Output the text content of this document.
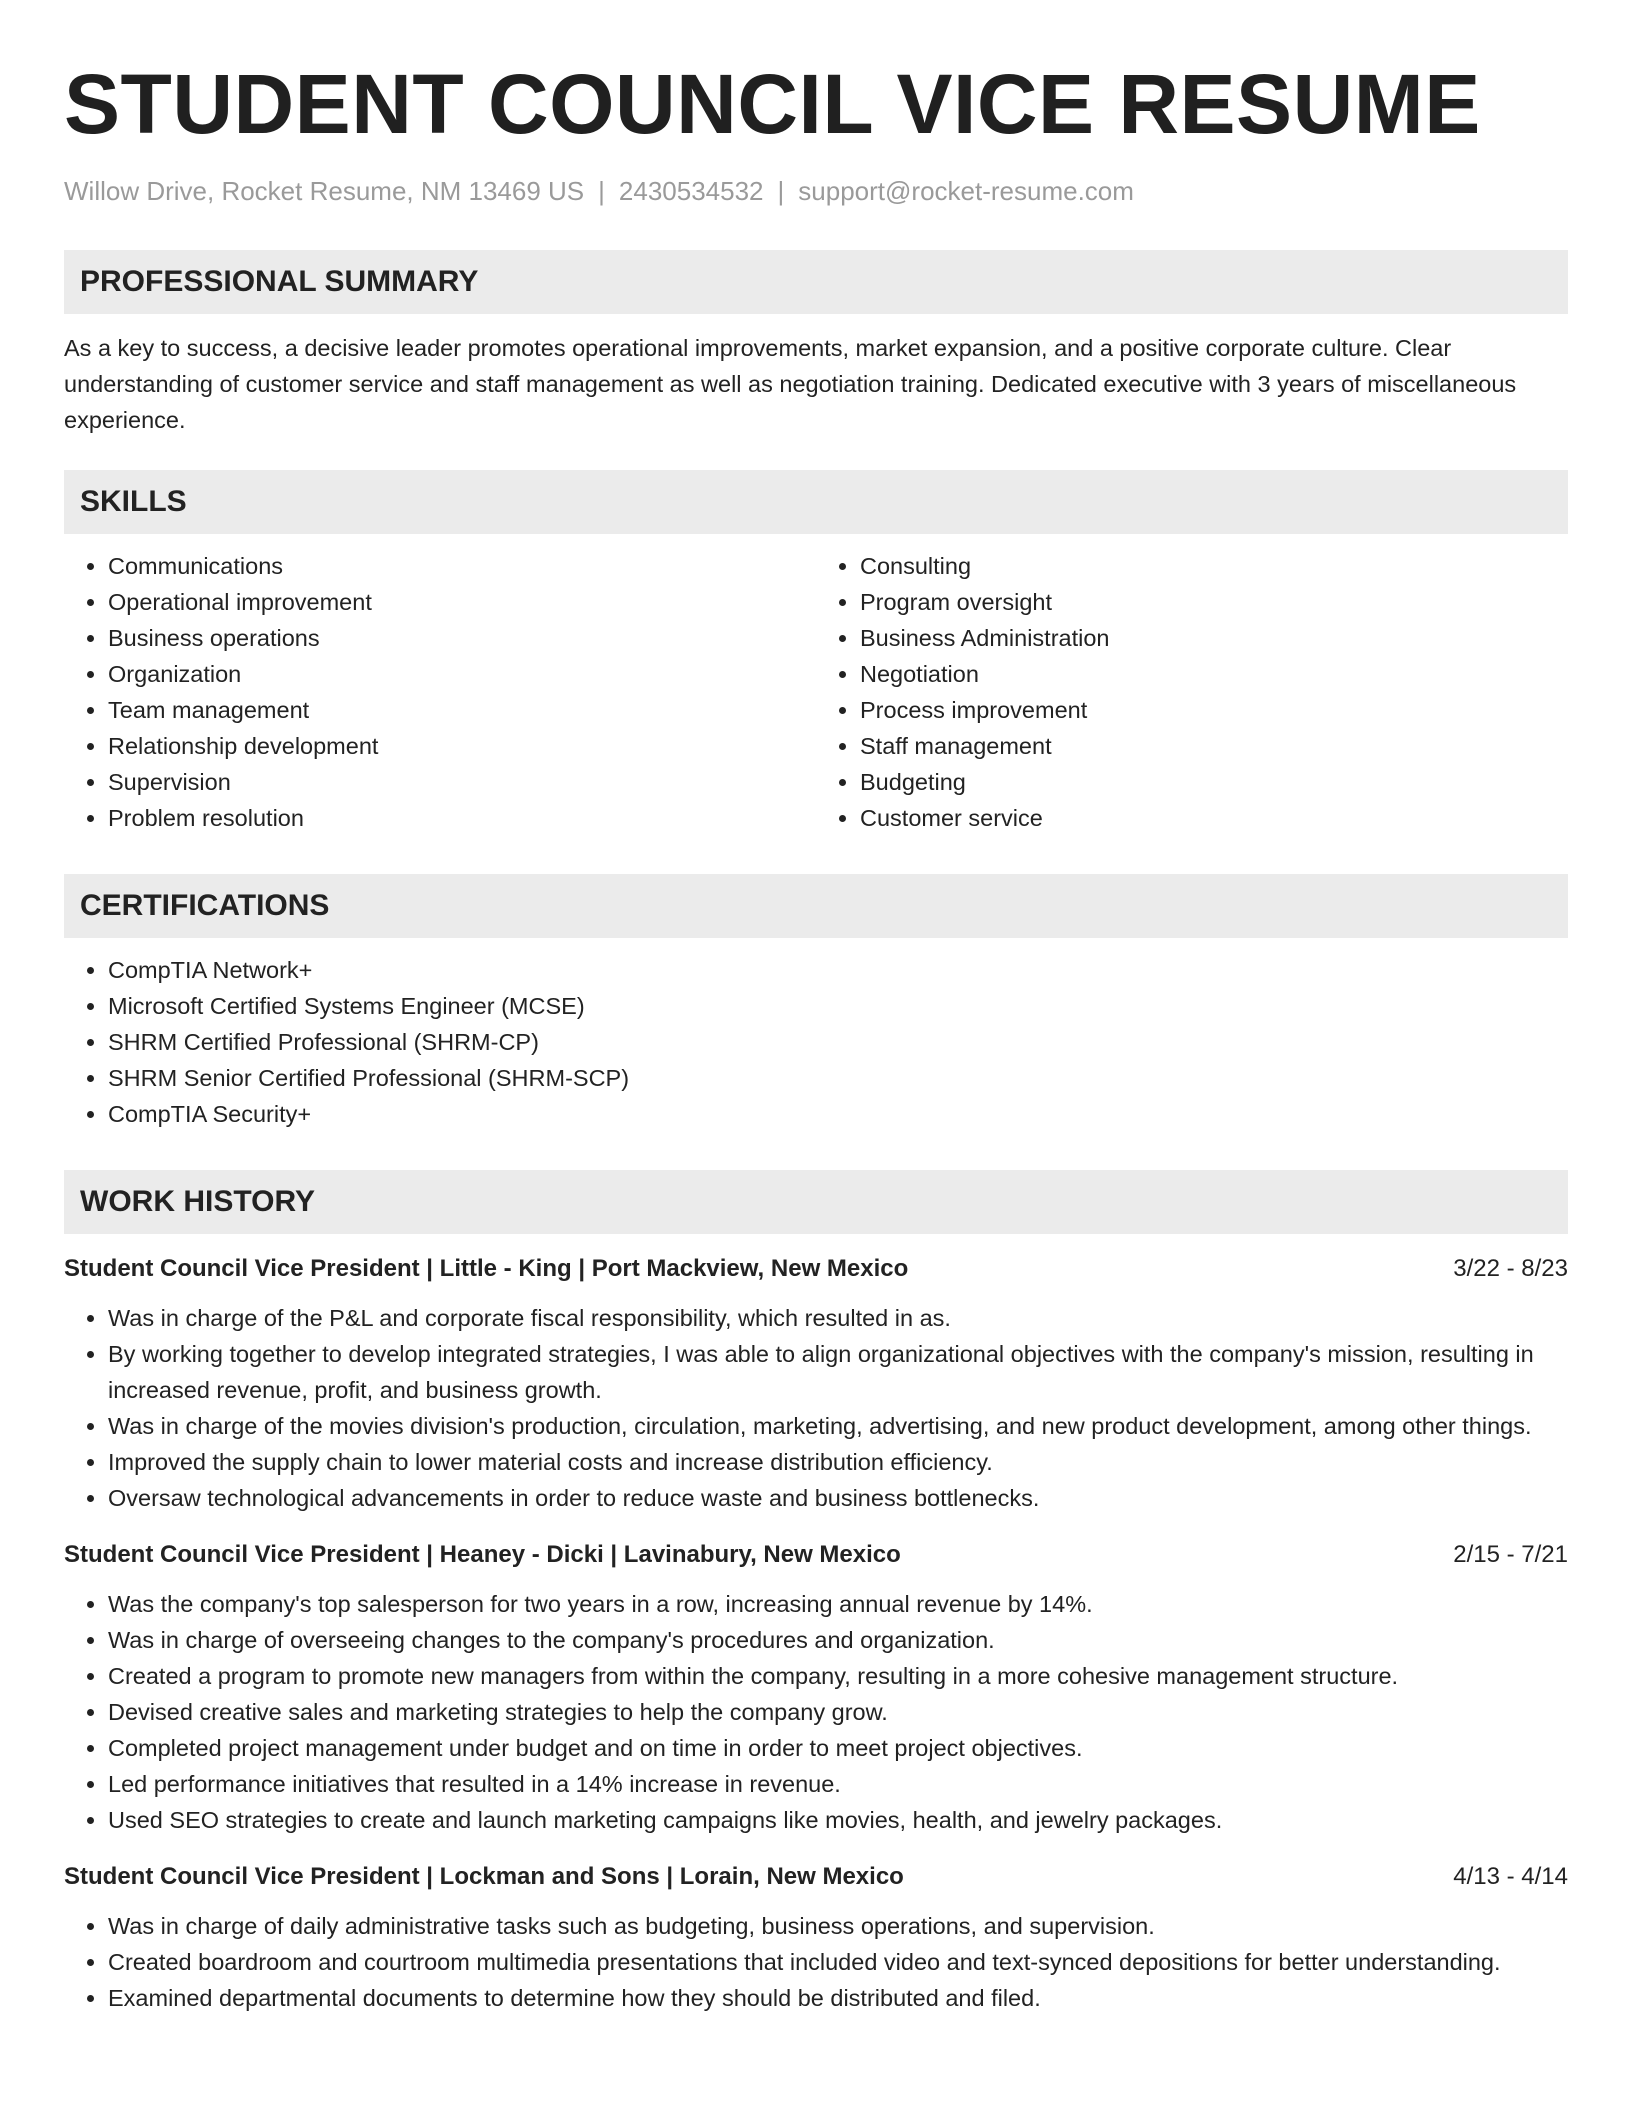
STUDENT COUNCIL VICE RESUME
Willow Drive, Rocket Resume, NM 13469 US | 2430534532 | support@rocket-resume.com
PROFESSIONAL SUMMARY
As a key to success, a decisive leader promotes operational improvements, market expansion, and a positive corporate culture. Clear understanding of customer service and staff management as well as negotiation training. Dedicated executive with 3 years of miscellaneous experience.
SKILLS
• Communications
• Operational improvement
• Business operations
• Organization
• Team management
• Relationship development
• Supervision
• Problem resolution
• Consulting
• Program oversight
• Business Administration
• Negotiation
• Process improvement
• Staff management
• Budgeting
• Customer service
CERTIFICATIONS
• CompTIA Network+
• Microsoft Certified Systems Engineer (MCSE)
• SHRM Certified Professional (SHRM-CP)
• SHRM Senior Certified Professional (SHRM-SCP)
• CompTIA Security+
WORK HISTORY
Student Council Vice President | Little - King | Port Mackview, New Mexico	3/22 - 8/23
• Was in charge of the P&L and corporate fiscal responsibility, which resulted in as.
• By working together to develop integrated strategies, I was able to align organizational objectives with the company's mission, resulting in increased revenue, profit, and business growth.
• Was in charge of the movies division's production, circulation, marketing, advertising, and new product development, among other things.
• Improved the supply chain to lower material costs and increase distribution efficiency.
• Oversaw technological advancements in order to reduce waste and business bottlenecks.
Student Council Vice President | Heaney - Dicki | Lavinabury, New Mexico	2/15 - 7/21
• Was the company's top salesperson for two years in a row, increasing annual revenue by 14%.
• Was in charge of overseeing changes to the company's procedures and organization.
• Created a program to promote new managers from within the company, resulting in a more cohesive management structure.
• Devised creative sales and marketing strategies to help the company grow.
• Completed project management under budget and on time in order to meet project objectives.
• Led performance initiatives that resulted in a 14% increase in revenue.
• Used SEO strategies to create and launch marketing campaigns like movies, health, and jewelry packages.
Student Council Vice President | Lockman and Sons | Lorain, New Mexico	4/13 - 4/14
• Was in charge of daily administrative tasks such as budgeting, business operations, and supervision.
• Created boardroom and courtroom multimedia presentations that included video and text-synced depositions for better understanding.
• Examined departmental documents to determine how they should be distributed and filed.
